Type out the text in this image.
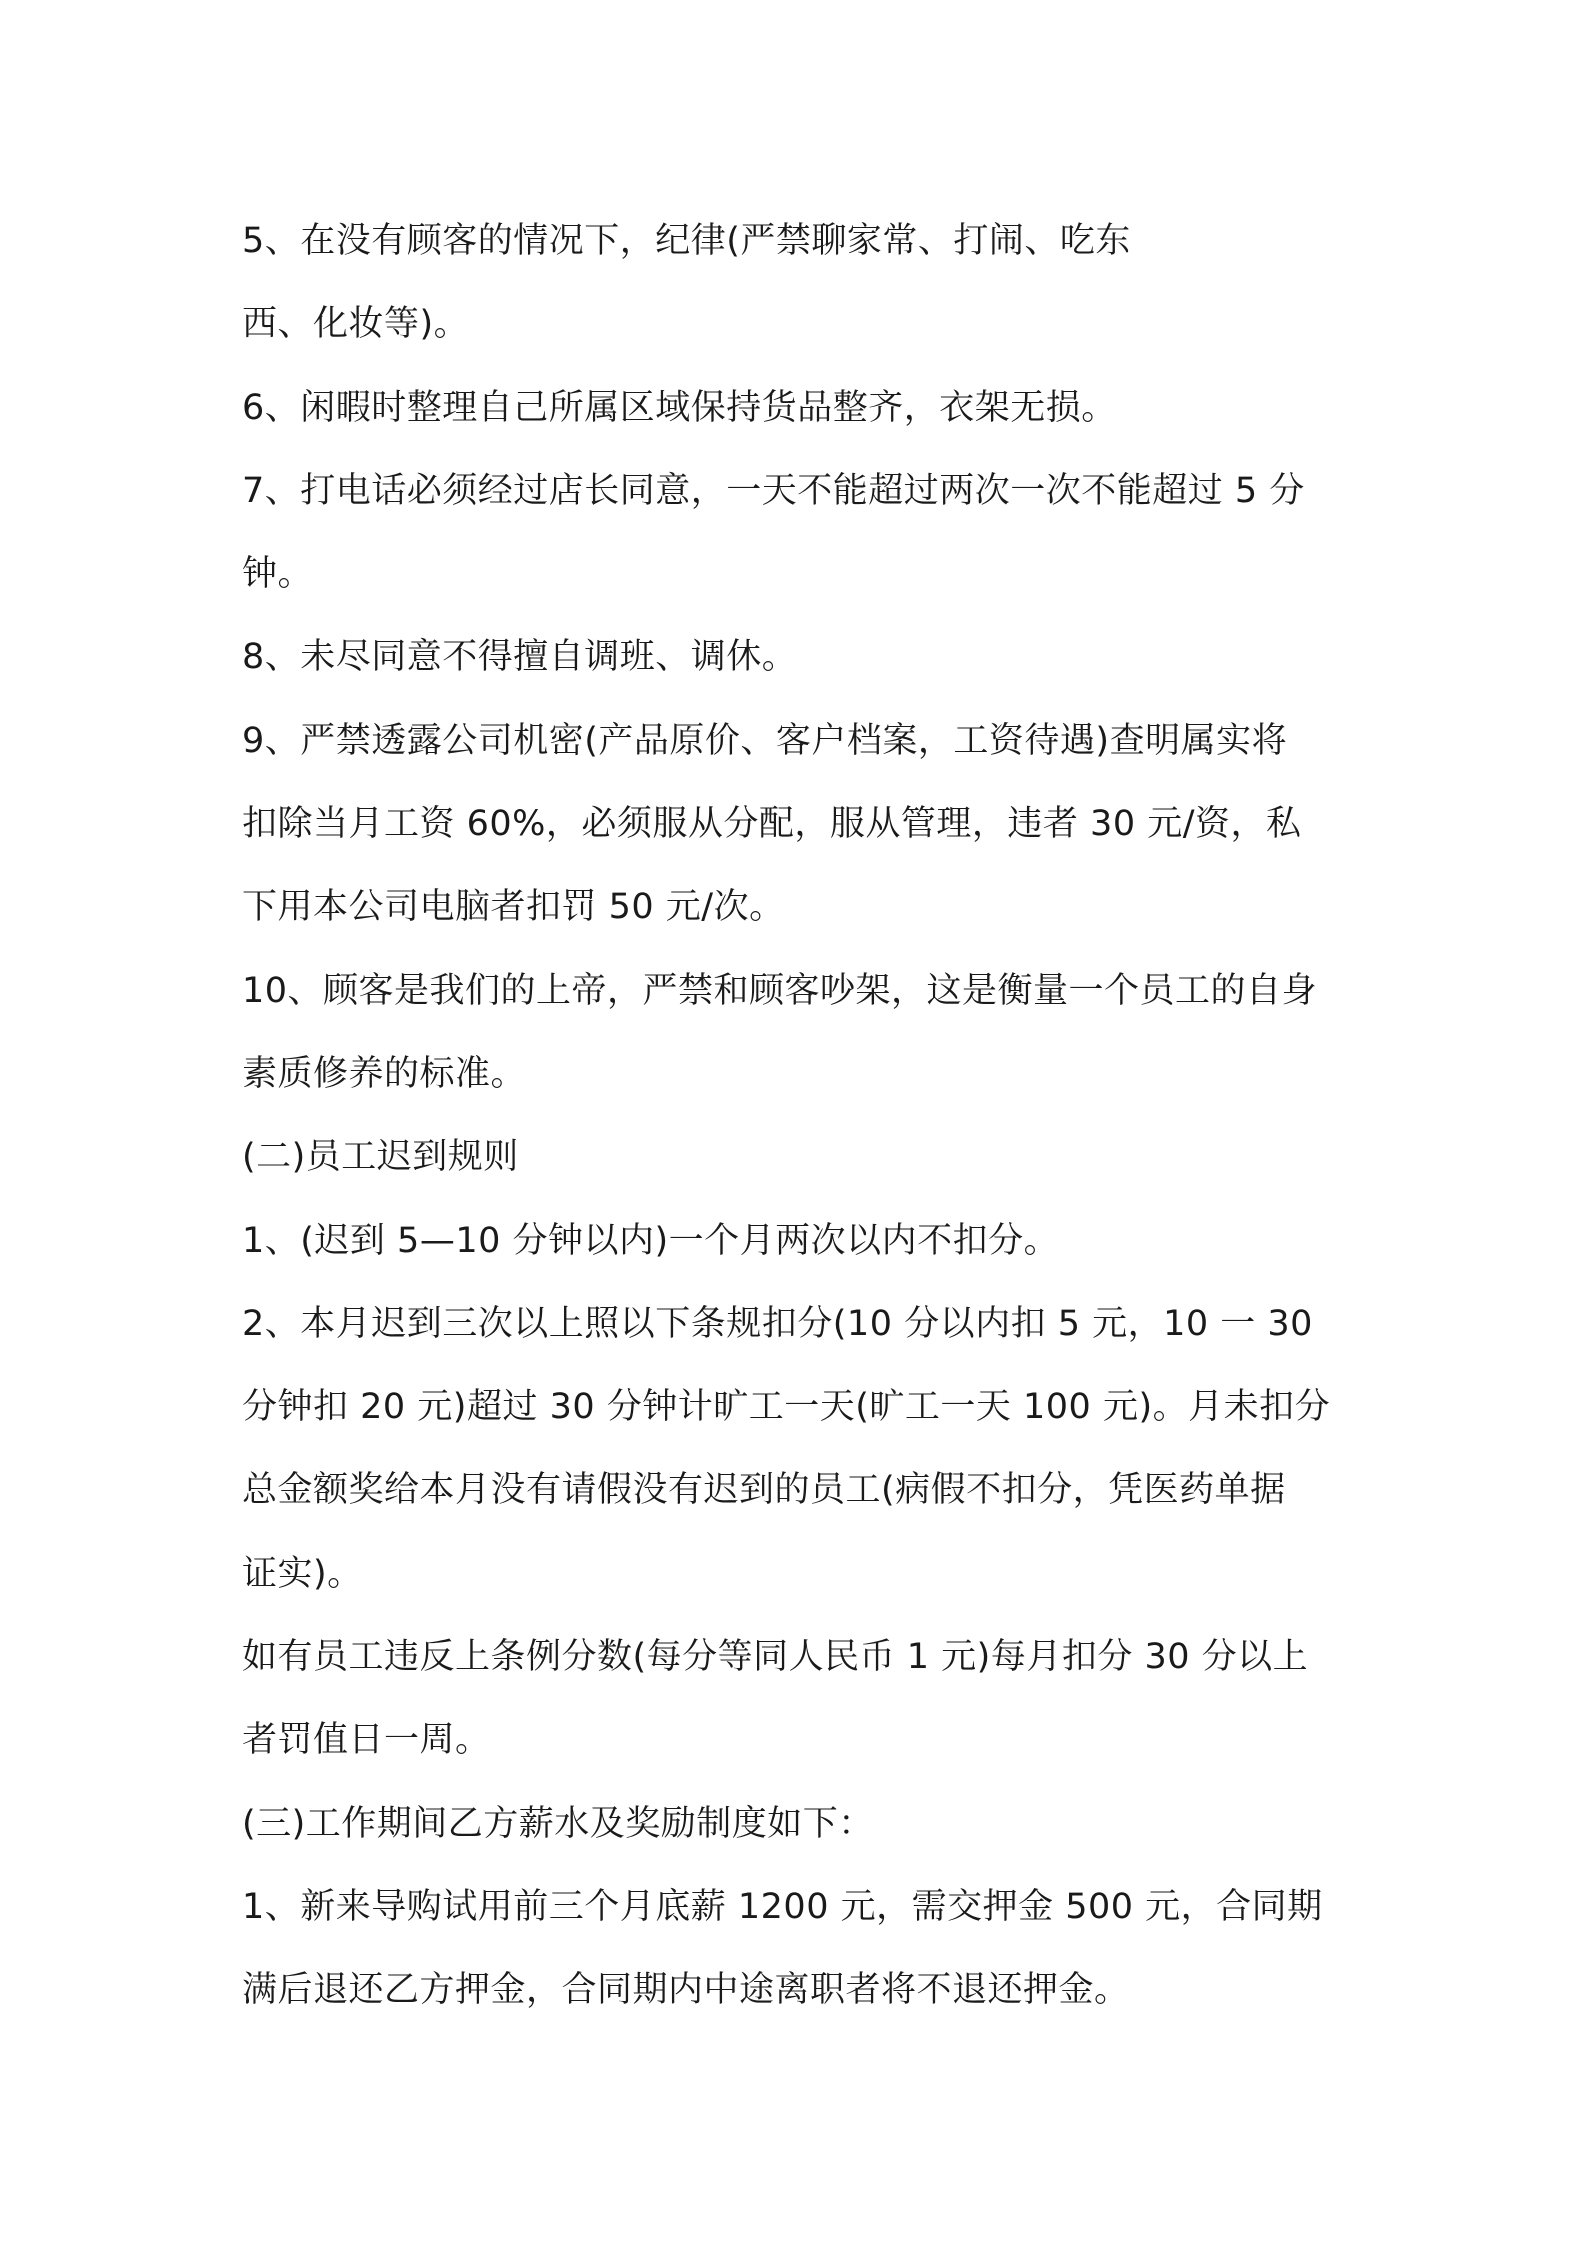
5、在没有顾客的情况下，纪律(严禁聊家常、打闹、吃东
西、化妆等)。

6、闲暇时整理自己所属区域保持货品整齐，衣架无损。

7、打电话必须经过店长同意，一天不能超过两次一次不能超过 5 分
钟。

8、未尽同意不得擅自调班、调休。

9、严禁透露公司机密(产品原价、客户档案，工资待遇)查明属实将
扣除当月工资 60%，必须服从分配，服从管理，违者 30 元/资，私
下用本公司电脑者扣罚 50 元/次。

10、顾客是我们的上帝，严禁和顾客吵架，这是衡量一个员工的自身
素质修养的标准。

(二)员工迟到规则

1、(迟到 5—10 分钟以内)一个月两次以内不扣分。

2、本月迟到三次以上照以下条规扣分(10 分以内扣 5 元，10 一 30
分钟扣 20 元)超过 30 分钟计旷工一天(旷工一天 100 元)。月未扣分
总金额奖给本月没有请假没有迟到的员工(病假不扣分，凭医药单据
证实)。

如有员工违反上条例分数(每分等同人民币 1 元)每月扣分 30 分以上
者罚值日一周。

(三)工作期间乙方薪水及奖励制度如下：

1、新来导购试用前三个月底薪 1200 元，需交押金 500 元，合同期
满后退还乙方押金，合同期内中途离职者将不退还押金。
